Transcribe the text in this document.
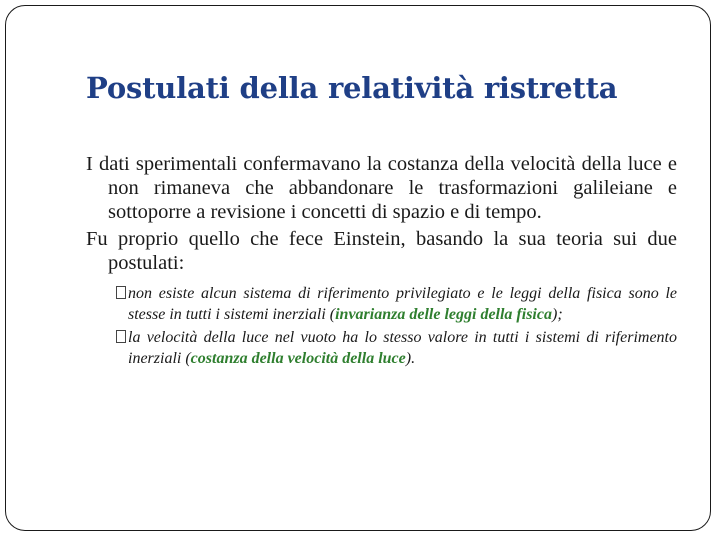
Postulati della relatività ristretta

I dati sperimentali confermavano la costanza della velocità della luce e non rimaneva che abbandonare le trasformazioni galileiane e sottoporre a revisione i concetti di spazio e di tempo.

Fu proprio quello che fece Einstein, basando la sua teoria sui due postulati:

non esiste alcun sistema di riferimento privilegiato e le leggi della fisica sono le stesse in tutti i sistemi inerziali (invarianza delle leggi della fisica);

la velocità della luce nel vuoto ha lo stesso valore in tutti i sistemi di riferimento inerziali (costanza della velocità della luce).
